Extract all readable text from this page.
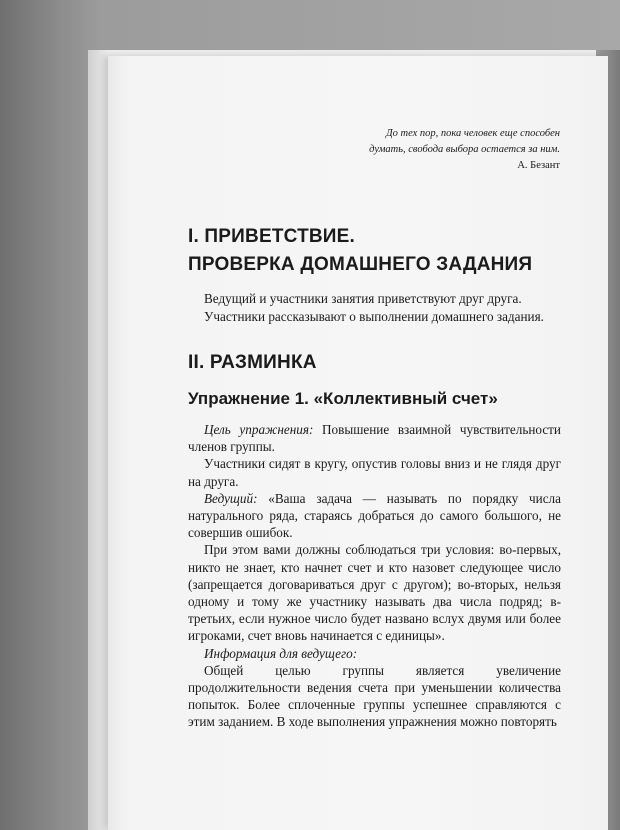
До тех пор, пока человек еще способен
думать, свобода выбора остается за ним.
А. Безант
I. ПРИВЕТСТВИЕ.
ПРОВЕРКА ДОМАШНЕГО ЗАДАНИЯ

Ведущий и участники занятия приветствуют друг друга.

Участники рассказывают о выполнении домашнего задания.

II. РАЗМИНКА
Упражнение 1. «Коллективный счет»

Цель упражнения: Повышение взаимной чувствительности членов группы.

Участники сидят в кругу, опустив головы вниз и не глядя друг на друга.

Ведущий: «Ваша задача — называть по порядку числа натурального ряда, стараясь добраться до самого большого, не совершив ошибок.

При этом вами должны соблюдаться три условия: во-первых, никто не знает, кто начнет счет и кто назовет следующее число (запрещается договариваться друг с другом); во-вторых, нельзя одному и тому же участнику называть два числа подряд; в-третьих, если нужное число будет названо вслух двумя или более игроками, счет вновь начинается с единицы».

Информация для ведущего:

Общей целью группы является увеличение продолжительности ведения счета при уменьшении количества попыток. Более сплоченные группы успешнее справляются с этим заданием. В ходе выполнения упражнения можно повторять
